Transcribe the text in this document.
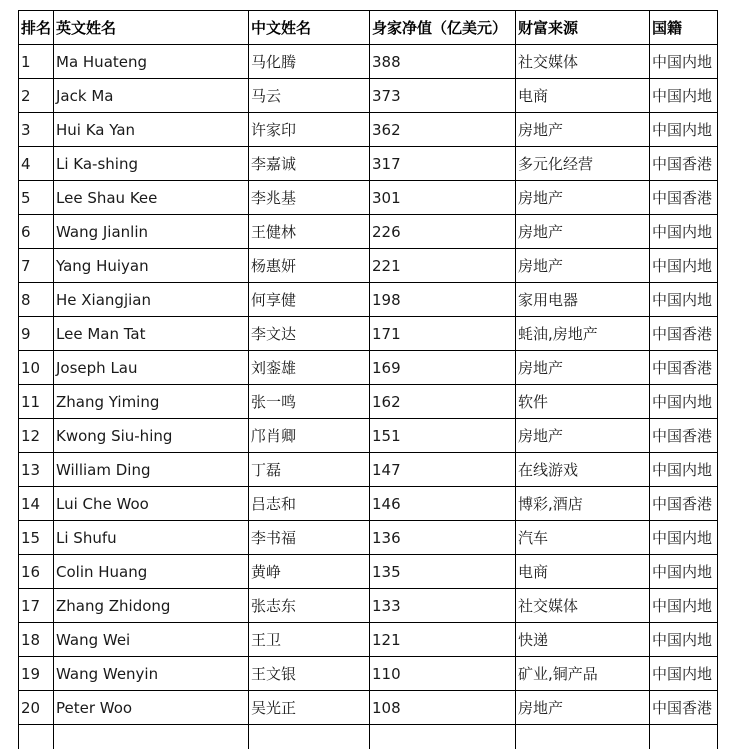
排名	英文姓名	中文姓名	身家净值（亿美元）	财富来源	国籍
1	Ma Huateng	马化腾	388	社交媒体	中国内地
2	Jack Ma	马云	373	电商	中国内地
3	Hui Ka Yan	许家印	362	房地产	中国内地
4	Li Ka-shing	李嘉诚	317	多元化经营	中国香港
5	Lee Shau Kee	李兆基	301	房地产	中国香港
6	Wang Jianlin	王健林	226	房地产	中国内地
7	Yang Huiyan	杨惠妍	221	房地产	中国内地
8	He Xiangjian	何享健	198	家用电器	中国内地
9	Lee Man Tat	李文达	171	蚝油,房地产	中国香港
10	Joseph Lau	刘銮雄	169	房地产	中国香港
11	Zhang Yiming	张一鸣	162	软件	中国内地
12	Kwong Siu-hing	邝肖卿	151	房地产	中国香港
13	William Ding	丁磊	147	在线游戏	中国内地
14	Lui Che Woo	吕志和	146	博彩,酒店	中国香港
15	Li Shufu	李书福	136	汽车	中国内地
16	Colin Huang	黄峥	135	电商	中国内地
17	Zhang Zhidong	张志东	133	社交媒体	中国内地
18	Wang Wei	王卫	121	快递	中国内地
19	Wang Wenyin	王文银	110	矿业,铜产品	中国内地
20	Peter Woo	吴光正	108	房地产	中国香港
